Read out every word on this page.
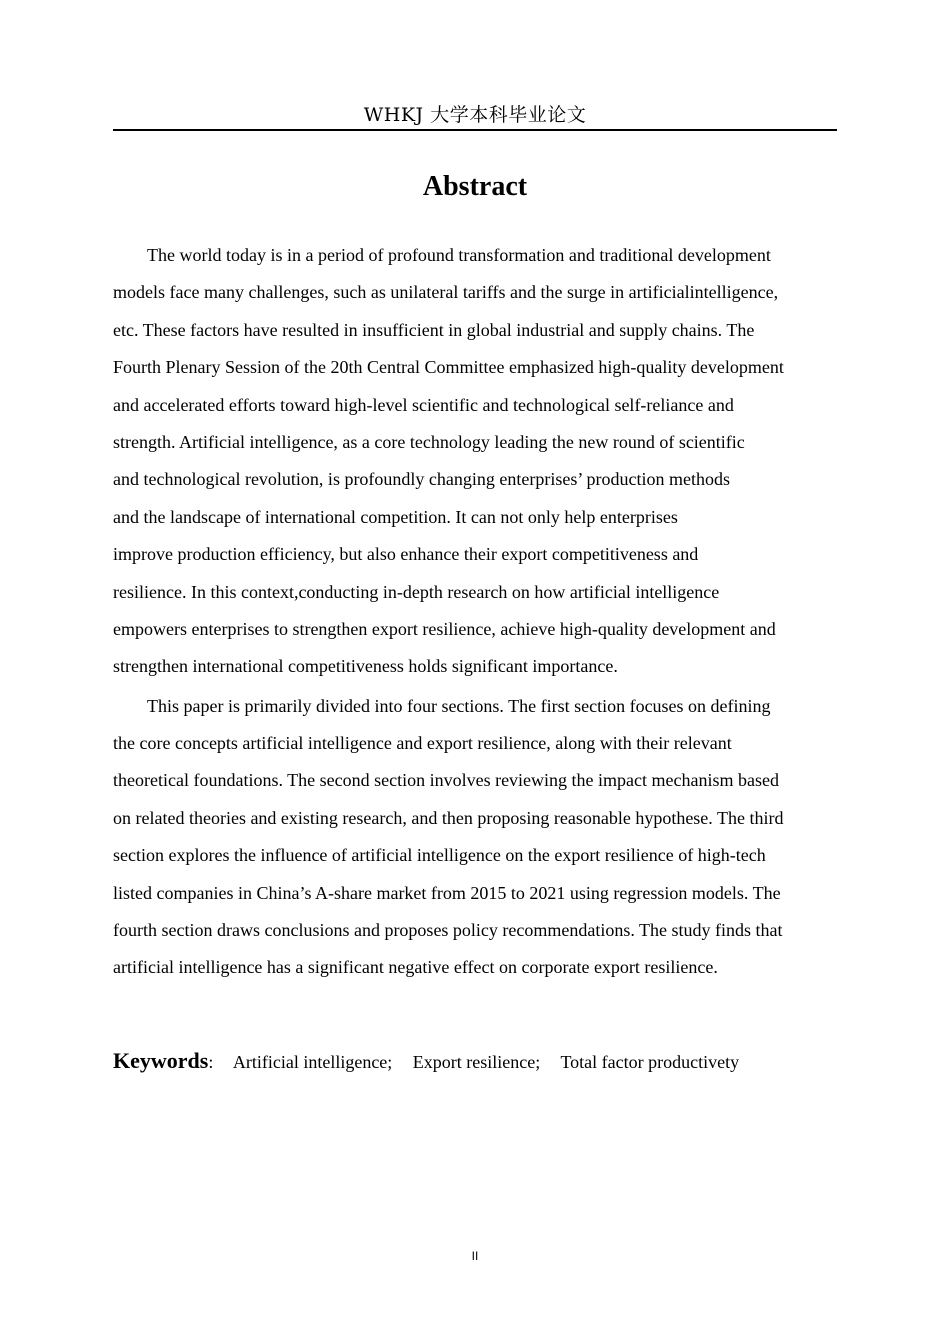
WHKJ 大学本科毕业论文
Abstract

The world today is in a period of profound transformation and traditional development
models face many challenges, such as unilateral tariffs and the surge in artificialintelligence,
etc. These factors have resulted in insufficient in global industrial and supply chains. The
Fourth Plenary Session of the 20th Central Committee emphasized high-quality development
and accelerated efforts toward high-level scientific and technological self-reliance and
strength. Artificial intelligence, as a core technology leading the new round of scientific
and technological revolution, is profoundly changing enterprises’ production methods
and the landscape of international competition. It can not only help enterprises
improve production efficiency, but also enhance their export competitiveness and
resilience. In this context,conducting in-depth research on how artificial intelligence
empowers enterprises to strengthen export resilience, achieve high-quality development and
strengthen international competitiveness holds significant importance.

This paper is primarily divided into four sections. The first section focuses on defining
the core concepts artificial intelligence and export resilience, along with their relevant
theoretical foundations. The second section involves reviewing the impact mechanism based
on related theories and existing research, and then proposing reasonable hypothese. The third
section explores the influence of artificial intelligence on the export resilience of high-tech
listed companies in China’s A-share market from 2015 to 2021 using regression models. The
fourth section draws conclusions and proposes policy recommendations. The study finds that
artificial intelligence has a significant negative effect on corporate export resilience.

Keywords: Artificial intelligence; Export resilience; Total factor productivety
II
